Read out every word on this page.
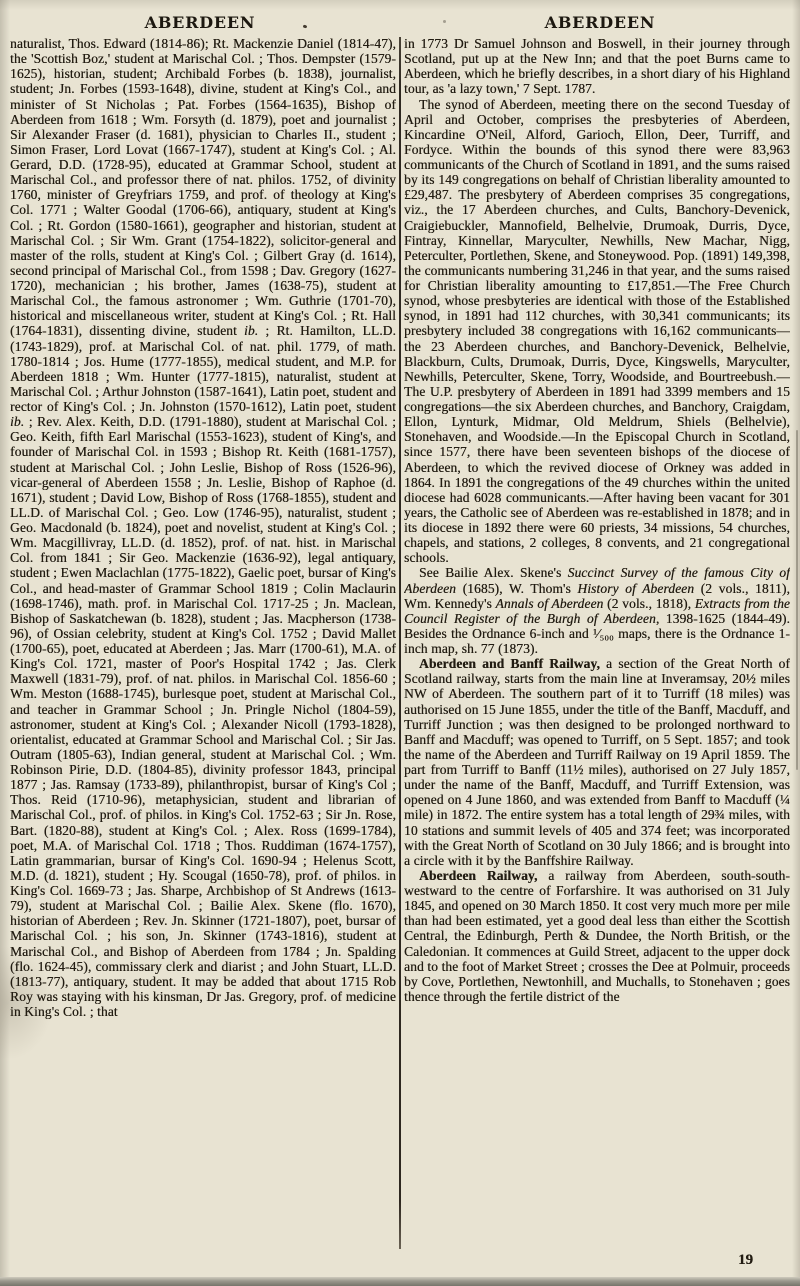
ABERDEEN	ABERDEEN

naturalist, Thos. Edward (1814-86); Rt. Mackenzie Daniel (1814-47), the 'Scottish Boz,' student at Marischal Col. ; Thos. Dempster (1579-1625), historian, student; Archibald Forbes (b. 1838), journalist, student; Jn. Forbes (1593-1648), divine, student at King's Col., and minister of St Nicholas ; Pat. Forbes (1564-1635), Bishop of Aberdeen from 1618 ; Wm. Forsyth (d. 1879), poet and journalist ; Sir Alexander Fraser (d. 1681), physician to Charles II., student ; Simon Fraser, Lord Lovat (1667-1747), student at King's Col. ; Al. Gerard, D.D. (1728-95), educated at Grammar School, student at Marischal Col., and professor there of nat. philos. 1752, of divinity 1760, minister of Greyfriars 1759, and prof. of theology at King's Col. 1771 ; Walter Goodal (1706-66), antiquary, student at King's Col. ; Rt. Gordon (1580-1661), geographer and historian, student at Marischal Col. ; Sir Wm. Grant (1754-1822), solicitor-general and master of the rolls, student at King's Col. ; Gilbert Gray (d. 1614), second principal of Marischal Col., from 1598 ; Dav. Gregory (1627-1720), mechanician ; his brother, James (1638-75), student at Marischal Col., the famous astronomer ; Wm. Guthrie (1701-70), historical and miscellaneous writer, student at King's Col. ; Rt. Hall (1764-1831), dissenting divine, student ib. ; Rt. Hamilton, LL.D. (1743-1829), prof. at Marischal Col. of nat. phil. 1779, of math. 1780-1814 ; Jos. Hume (1777-1855), medical student, and M.P. for Aberdeen 1818 ; Wm. Hunter (1777-1815), naturalist, student at Marischal Col. ; Arthur Johnston (1587-1641), Latin poet, student and rector of King's Col. ; Jn. Johnston (1570-1612), Latin poet, student ib. ; Rev. Alex. Keith, D.D. (1791-1880), student at Marischal Col. ; Geo. Keith, fifth Earl Marischal (1553-1623), student of King's, and founder of Marischal Col. in 1593 ; Bishop Rt. Keith (1681-1757), student at Marischal Col. ; John Leslie, Bishop of Ross (1526-96), vicar-general of Aberdeen 1558 ; Jn. Leslie, Bishop of Raphoe (d. 1671), student ; David Low, Bishop of Ross (1768-1855), student and LL.D. of Marischal Col. ; Geo. Low (1746-95), naturalist, student ; Geo. Macdonald (b. 1824), poet and novelist, student at King's Col. ; Wm. Macgillivray, LL.D. (d. 1852), prof. of nat. hist. in Marischal Col. from 1841 ; Sir Geo. Mackenzie (1636-92), legal antiquary, student ; Ewen Maclachlan (1775-1822), Gaelic poet, bursar of King's Col., and head-master of Grammar School 1819 ; Colin Maclaurin (1698-1746), math. prof. in Marischal Col. 1717-25 ; Jn. Maclean, Bishop of Saskatchewan (b. 1828), student ; Jas. Macpherson (1738-96), of Ossian celebrity, student at King's Col. 1752 ; David Mallet (1700-65), poet, educated at Aberdeen ; Jas. Marr (1700-61), M.A. of King's Col. 1721, master of Poor's Hospital 1742 ; Jas. Clerk Maxwell (1831-79), prof. of nat. philos. in Marischal Col. 1856-60 ; Wm. Meston (1688-1745), burlesque poet, student at Marischal Col., and teacher in Grammar School ; Jn. Pringle Nichol (1804-59), astronomer, student at King's Col. ; Alexander Nicoll (1793-1828), orientalist, educated at Grammar School and Marischal Col. ; Sir Jas. Outram (1805-63), Indian general, student at Marischal Col. ; Wm. Robinson Pirie, D.D. (1804-85), divinity professor 1843, principal 1877 ; Jas. Ramsay (1733-89), philanthropist, bursar of King's Col ; Thos. Reid (1710-96), metaphysician, student and librarian of Marischal Col., prof. of philos. in King's Col. 1752-63 ; Sir Jn. Rose, Bart. (1820-88), student at King's Col. ; Alex. Ross (1699-1784), poet, M.A. of Marischal Col. 1718 ; Thos. Ruddiman (1674-1757), Latin grammarian, bursar of King's Col. 1690-94 ; Helenus Scott, M.D. (d. 1821), student ; Hy. Scougal (1650-78), prof. of philos. in King's Col. 1669-73 ; Jas. Sharpe, Archbishop of St Andrews (1613-79), student at Marischal Col. ; Bailie Alex. Skene (flo. 1670), historian of Aberdeen ; Rev. Jn. Skinner (1721-1807), poet, bursar of Marischal Col. ; his son, Jn. Skinner (1743-1816), student at Marischal Col., and Bishop of Aberdeen from 1784 ; Jn. Spalding (flo. 1624-45), commissary clerk and diarist ; and John Stuart, LL.D. (1813-77), antiquary, student. It may be added that about 1715 Rob Roy was staying with his kinsman, Dr Jas. Gregory, prof. of medicine in King's Col. ; that

in 1773 Dr Samuel Johnson and Boswell, in their journey through Scotland, put up at the New Inn; and that the poet Burns came to Aberdeen, which he briefly describes, in a short diary of his Highland tour, as 'a lazy town,' 7 Sept. 1787.

The synod of Aberdeen, meeting there on the second Tuesday of April and October, comprises the presbyteries of Aberdeen, Kincardine O'Neil, Alford, Garioch, Ellon, Deer, Turriff, and Fordyce. Within the bounds of this synod there were 83,963 communicants of the Church of Scotland in 1891, and the sums raised by its 149 congregations on behalf of Christian liberality amounted to £29,487. The presbytery of Aberdeen comprises 35 congregations, viz., the 17 Aberdeen churches, and Cults, Banchory-Devenick, Craigiebuckler, Mannofield, Belhelvie, Drumoak, Durris, Dyce, Fintray, Kinnellar, Maryculter, Newhills, New Machar, Nigg, Peterculter, Portlethen, Skene, and Stoneywood. Pop. (1891) 149,398, the communicants numbering 31,246 in that year, and the sums raised for Christian liberality amounting to £17,851.—The Free Church synod, whose presbyteries are identical with those of the Established synod, in 1891 had 112 churches, with 30,341 communicants; its presbytery included 38 congregations with 16,162 communicants—the 23 Aberdeen churches, and Banchory-Devenick, Belhelvie, Blackburn, Cults, Drumoak, Durris, Dyce, Kingswells, Maryculter, Newhills, Peterculter, Skene, Torry, Woodside, and Bourtreebush.—The U.P. presbytery of Aberdeen in 1891 had 3399 members and 15 congregations—the six Aberdeen churches, and Banchory, Craigdam, Ellon, Lynturk, Midmar, Old Meldrum, Shiels (Belhelvie), Stonehaven, and Woodside.—In the Episcopal Church in Scotland, since 1577, there have been seventeen bishops of the diocese of Aberdeen, to which the revived diocese of Orkney was added in 1864. In 1891 the congregations of the 49 churches within the united diocese had 6028 communicants.—After having been vacant for 301 years, the Catholic see of Aberdeen was re-established in 1878; and in its diocese in 1892 there were 60 priests, 34 missions, 54 churches, chapels, and stations, 2 colleges, 8 convents, and 21 congregational schools.

See Bailie Alex. Skene's Succinct Survey of the famous City of Aberdeen (1685), W. Thom's History of Aberdeen (2 vols., 1811), Wm. Kennedy's Annals of Aberdeen (2 vols., 1818), Extracts from the Council Register of the Burgh of Aberdeen, 1398-1625 (1844-49). Besides the Ordnance 6-inch and ¹⁄₅₀₀ maps, there is the Ordnance 1-inch map, sh. 77 (1873).

Aberdeen and Banff Railway, a section of the Great North of Scotland railway, starts from the main line at Inveramsay, 20½ miles NW of Aberdeen. The southern part of it to Turriff (18 miles) was authorised on 15 June 1855, under the title of the Banff, Macduff, and Turriff Junction ; was then designed to be prolonged northward to Banff and Macduff; was opened to Turriff, on 5 Sept. 1857; and took the name of the Aberdeen and Turriff Railway on 19 April 1859. The part from Turriff to Banff (11½ miles), authorised on 27 July 1857, under the name of the Banff, Macduff, and Turriff Extension, was opened on 4 June 1860, and was extended from Banff to Macduff (¼ mile) in 1872. The entire system has a total length of 29¾ miles, with 10 stations and summit levels of 405 and 374 feet; was incorporated with the Great North of Scotland on 30 July 1866; and is brought into a circle with it by the Banffshire Railway.

Aberdeen Railway, a railway from Aberdeen, south-south-westward to the centre of Forfarshire. It was authorised on 31 July 1845, and opened on 30 March 1850. It cost very much more per mile than had been estimated, yet a good deal less than either the Scottish Central, the Edinburgh, Perth & Dundee, the North British, or the Caledonian. It commences at Guild Street, adjacent to the upper dock and to the foot of Market Street ; crosses the Dee at Polmuir, proceeds by Cove, Portlethen, Newtonhill, and Muchalls, to Stonehaven ; goes thence through the fertile district of the

19
